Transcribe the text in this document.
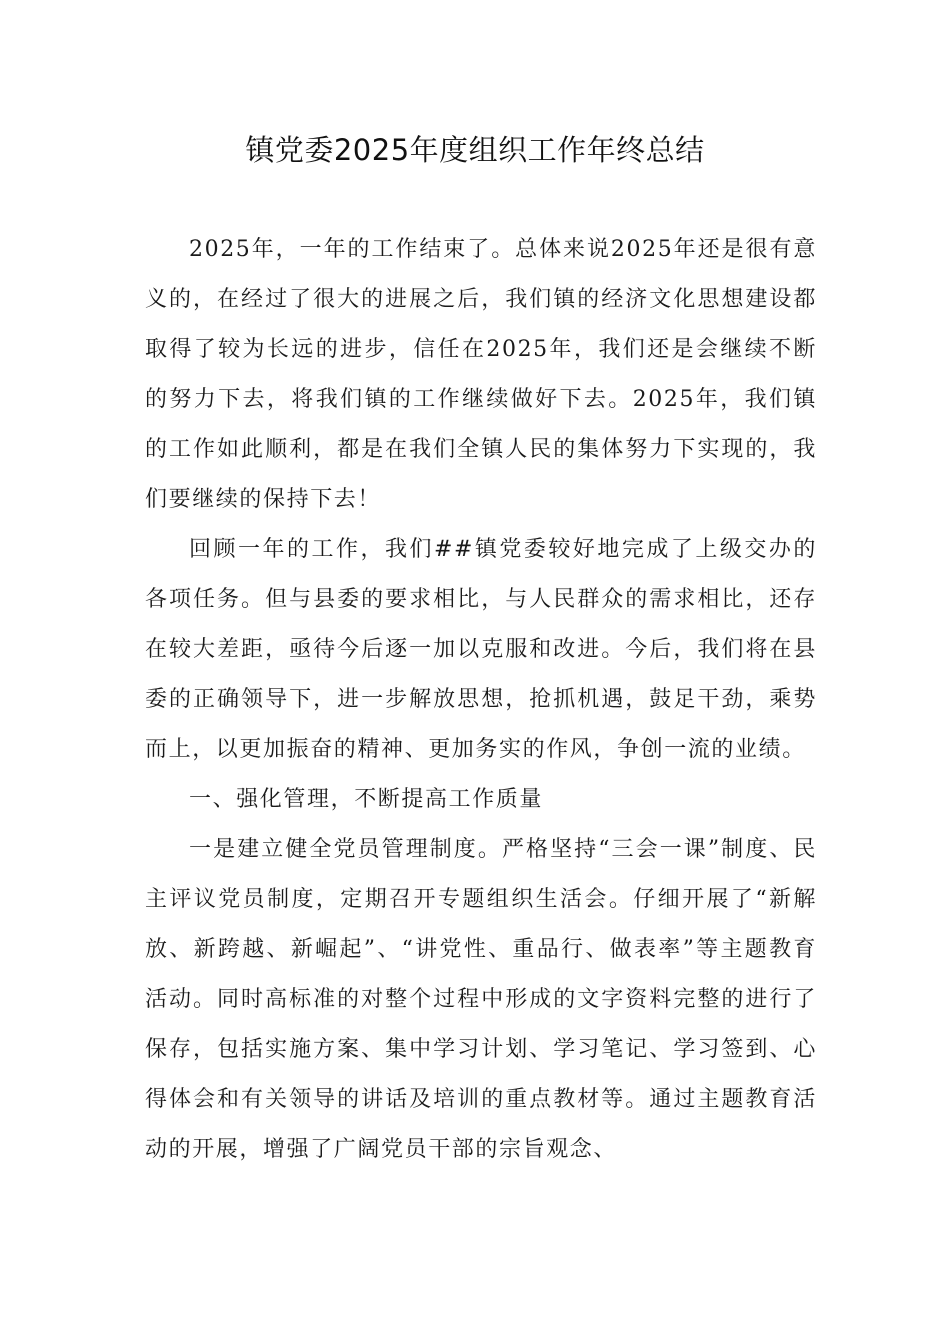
镇党委2025年度组织工作年终总结

2025年，一年的工作结束了。总体来说2025年还是很有意义的，在经过了很大的进展之后，我们镇的经济文化思想建设都取得了较为长远的进步，信任在2025年，我们还是会继续不断的努力下去，将我们镇的工作继续做好下去。2025年，我们镇的工作如此顺利，都是在我们全镇人民的集体努力下实现的，我们要继续的保持下去！

回顾一年的工作，我们##镇党委较好地完成了上级交办的各项任务。但与县委的要求相比，与人民群众的需求相比，还存在较大差距，亟待今后逐一加以克服和改进。今后，我们将在县委的正确领导下，进一步解放思想，抢抓机遇，鼓足干劲，乘势而上，以更加振奋的精神、更加务实的作风，争创一流的业绩。

一、强化管理，不断提高工作质量

一是建立健全党员管理制度。严格坚持“三会一课”制度、民主评议党员制度，定期召开专题组织生活会。仔细开展了“新解放、新跨越、新崛起”、“讲党性、重品行、做表率”等主题教育活动。同时高标准的对整个过程中形成的文字资料完整的进行了保存，包括实施方案、集中学习计划、学习笔记、学习签到、心得体会和有关领导的讲话及培训的重点教材等。通过主题教育活动的开展，增强了广阔党员干部的宗旨观念、
